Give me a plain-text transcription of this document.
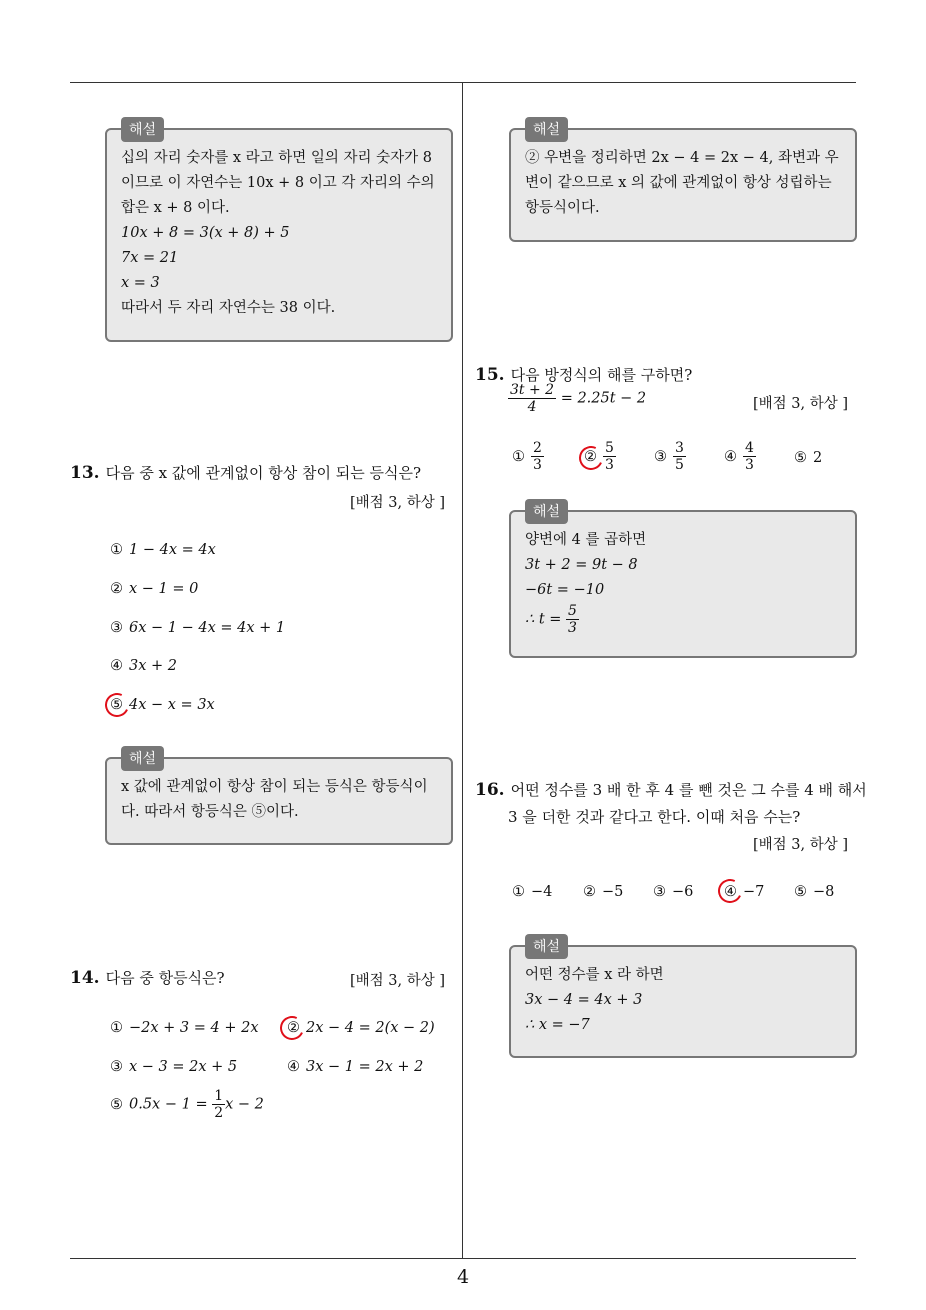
해설
십의 자리 숫자를 x 라고 하면 일의 자리 숫자가 8
이므로 이 자연수는 10x + 8 이고 각 자리의 수의
합은 x + 8 이다.
10x + 8 = 3(x + 8) + 5
7x = 21
x = 3
따라서 두 자리 자연수는 38 이다.
13. 다음 중 x 값에 관계없이 항상 참이 되는 등식은?
[배점 3, 하상 ]
① 1 − 4x = 4x
② x − 1 = 0
③ 6x − 1 − 4x = 4x + 1
④ 3x + 2
⑤ 4x − x = 3x
해설
x 값에 관계없이 항상 참이 되는 등식은 항등식이
다. 따라서 항등식은 ⑤이다.
14. 다음 중 항등식은?	[배점 3, 하상 ]
① −2x + 3 = 4 + 2x ② 2x − 4 = 2(x − 2)
③ x − 3 = 2x + 5	④ 3x − 1 = 2x + 2
⑤ $0.5x - 1 = \frac{1}{2}$ x − 2
해설
② 우변을 정리하면 2x − 4 = 2x − 4, 좌변과 우
변이 같으므로 x 의 값에 관계없이 항상 성립하는
항등식이다.
15. 다음 방정식의 해를 구하면?
$\frac{3t + 2}{4} = 2.25t - 2$	[배점 3, 하상 ]
① $\frac{2}{3}$	② $\frac{5}{3}$	③ $\frac{3}{5}$	④ $\frac{4}{3}$	⑤ 2
해설
양변에 4 를 곱하면
3t + 2 = 9t − 8
−6t = −10
∴ $t = \frac{5}{3}$
16. 어떤 정수를 3 배 한 후 4 를 뺀 것은 그 수를 4 배 해서
3 을 더한 것과 같다고 한다. 이때 처음 수는?
[배점 3, 하상 ]
① −4 ② −5 ③ −6 ④ −7 ⑤ −8
해설
어떤 정수를 x 라 하면
3x − 4 = 4x + 3
∴ x = −7
4
